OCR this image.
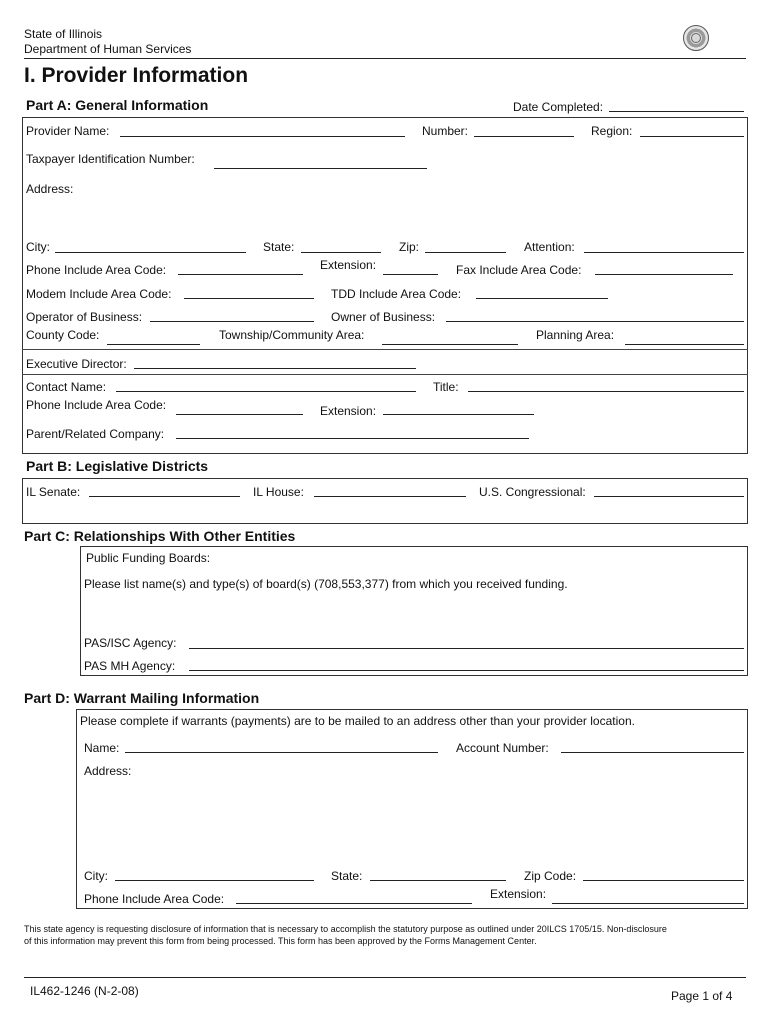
State of Illinois
Department of Human Services
I. Provider Information
Part A: General Information	Date Completed:
Provider Name:	Number:	Region:
Taxpayer Identification Number:
Address:
City:	State:	Zip:	Attention:
Phone Include Area Code:	Extension:	Fax Include Area Code:
Modem Include Area Code:	TDD Include Area Code:
Operator of Business:	Owner of Business:
County Code:	Township/Community Area:	Planning Area:
Executive Director:
Contact Name:	Title:
Phone Include Area Code:	Extension:
Parent/Related Company:
Part B: Legislative Districts
IL Senate:	IL House:	U.S. Congressional:
Part C: Relationships With Other Entities
Public Funding Boards:
Please list name(s) and type(s) of board(s) (708,553,377) from which you received funding.
PAS/ISC Agency:
PAS MH Agency:
Part D: Warrant Mailing Information
Please complete if warrants (payments) are to be mailed to an address other than your provider location.
Name:	Account Number:
Address:
City:	State:	Zip Code:
Phone Include Area Code:	Extension:
This state agency is requesting disclosure of information that is necessary to accomplish the statutory purpose as outlined under 20ILCS 1705/15. Non-disclosure
of this information may prevent this form from being processed. This form has been approved by the Forms Management Center.
IL462-1246 (N-2-08)	Page 1 of 4
